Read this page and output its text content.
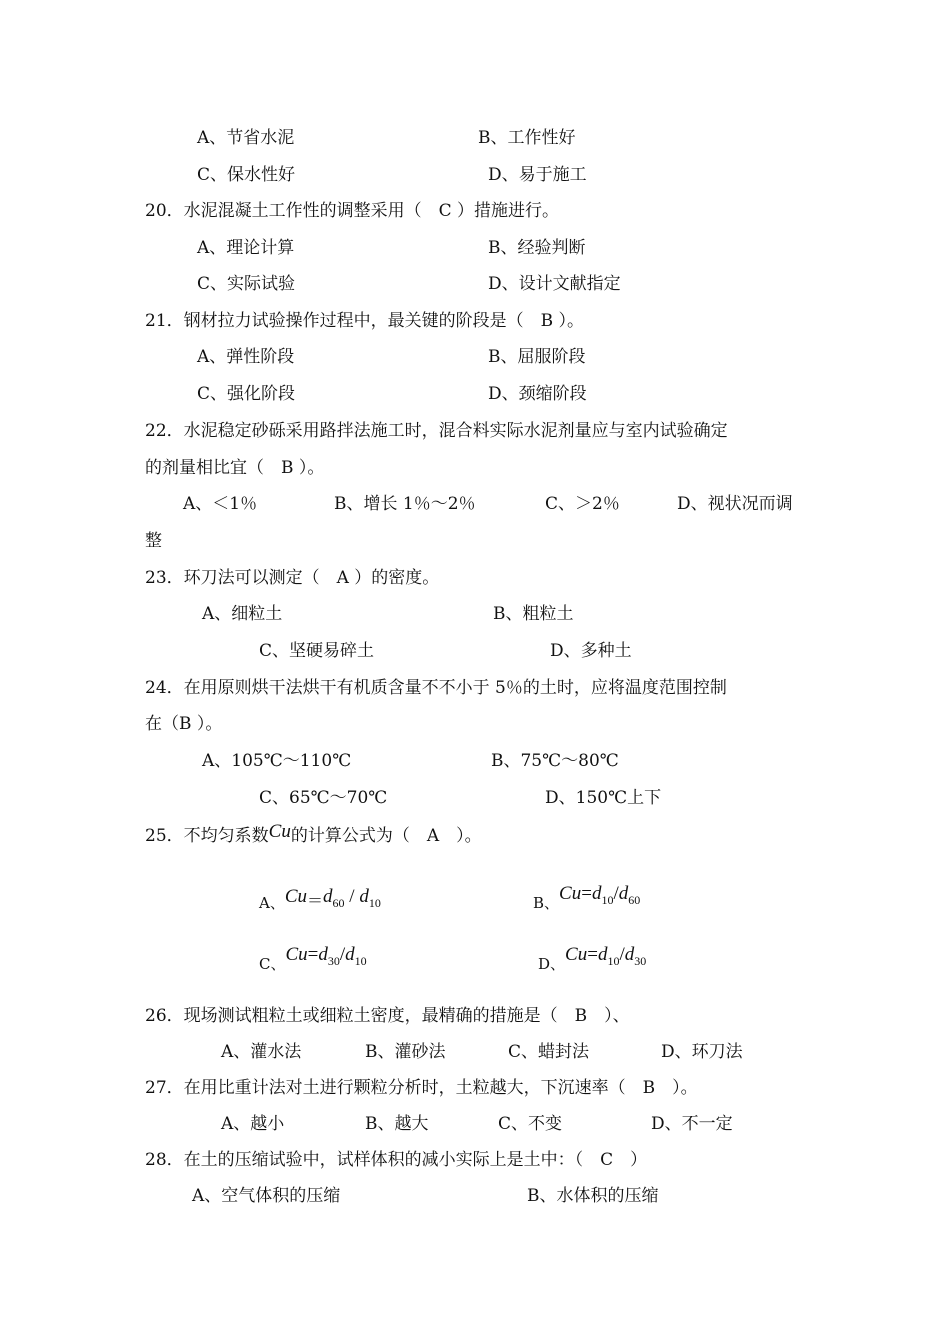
A、节省水泥	B、工作性好
C、保水性好	D、易于施工
20．水泥混凝土工作性的调整采用（　C ）措施进行。
A、理论计算	B、经验判断
C、实际试验	D、设计文献指定
21．钢材拉力试验操作过程中，最关键的阶段是（　B ）。
A、弹性阶段	B、屈服阶段
C、强化阶段	D、颈缩阶段
22．水泥稳定砂砾采用路拌法施工时，混合料实际水泥剂量应与室内试验确定
的剂量相比宜（　B ）。
A、＜1％	B、增长 1％～2％	C、＞2％	D、视状况而调
整
23．环刀法可以测定（　A ）的密度。
A、细粒土	B、粗粒土
C、坚硬易碎土	D、多种土
24．在用原则烘干法烘干有机质含量不不小于 5％的土时，应将温度范围控制
在（B ）。
A、105℃～110℃	B、75℃～80℃
C、65℃～70℃	D、150℃上下
25．不均匀系数Cu的计算公式为（　A　）。
A、$Cu=d_{60} / d_{10}$	B、$Cu=d_{10}/d_{60}$
C、$Cu=d_{30}/d_{10}$	D、$Cu=d_{10}/d_{30}$
26．现场测试粗粒土或细粒土密度，最精确的措施是（　B　）、
A、灌水法	B、灌砂法	C、蜡封法	D、环刀法
27．在用比重计法对土进行颗粒分析时，土粒越大，下沉速率（　B　）。
A、越小	B、越大	C、不变	D、不一定
28．在土的压缩试验中，试样体积的减小实际上是土中：（　C　）
A、空气体积的压缩	B、水体积的压缩
